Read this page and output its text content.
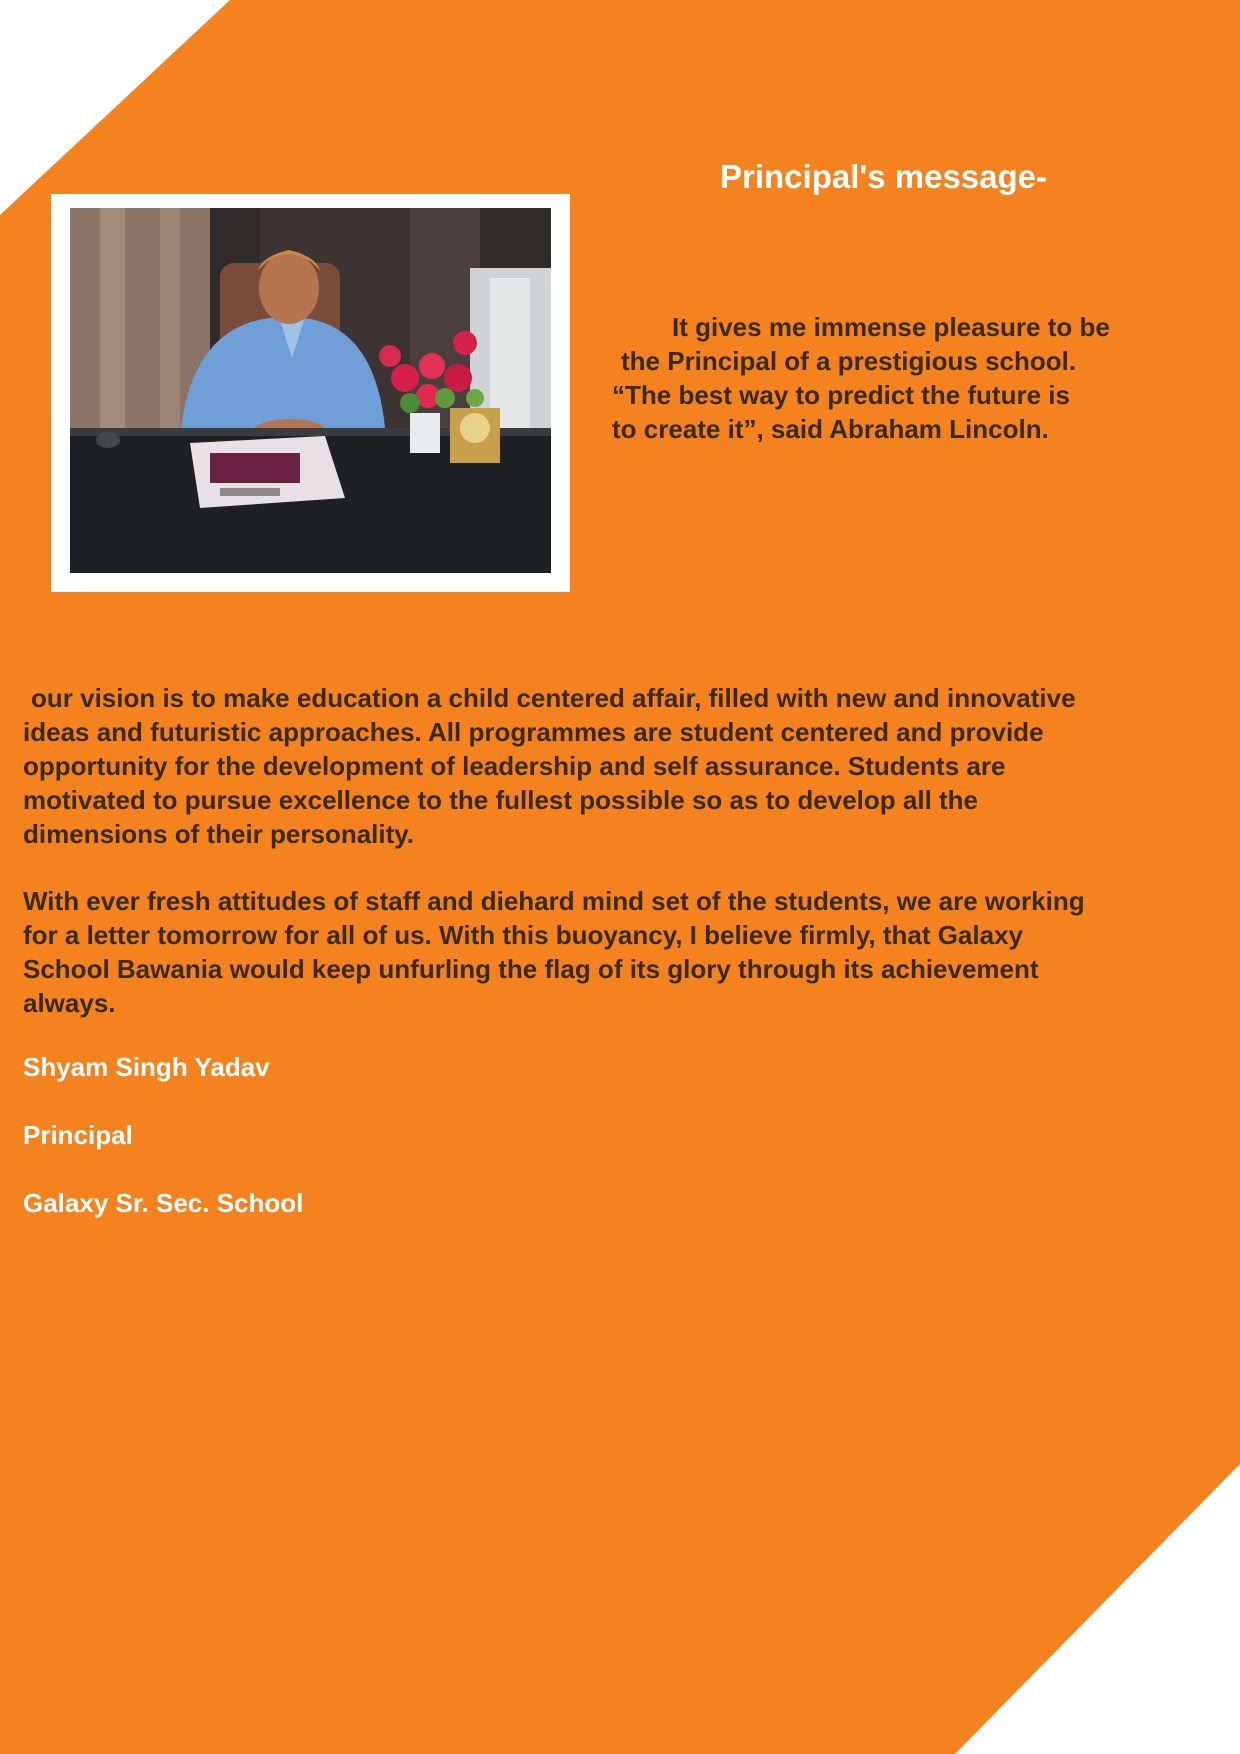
Principal's message-
It gives me immense pleasure to be
the Principal of a prestigious school.
“The best way to predict the future is
to create it”, said Abraham Lincoln.
our vision is to make education a child centered affair, filled with new and innovative
ideas and futuristic approaches. All programmes are student centered and provide
opportunity for the development of leadership and self assurance. Students are
motivated to pursue excellence to the fullest possible so as to develop all the
dimensions of their personality.
With ever fresh attitudes of staff and diehard mind set of the students, we are working
for a letter tomorrow for all of us. With this buoyancy, I believe firmly, that Galaxy
School Bawania would keep unfurling the flag of its glory through its achievement
always.
Shyam Singh Yadav
Principal
Galaxy Sr. Sec. School
